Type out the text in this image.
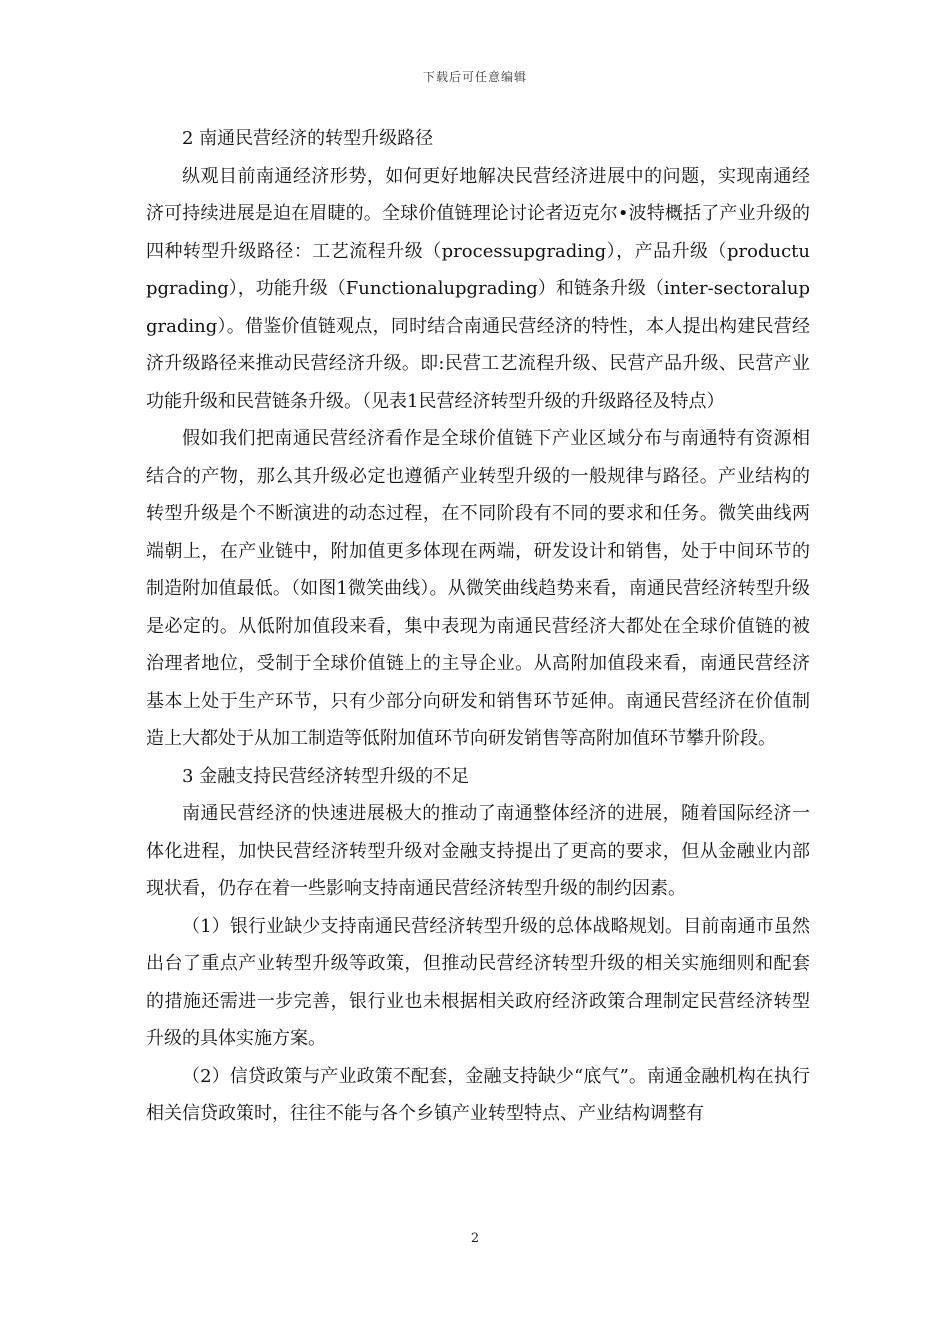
下载后可任意编辑

2 南通民营经济的转型升级路径

纵观目前南通经济形势，如何更好地解决民营经济进展中的问题，实现南通经济可持续进展是迫在眉睫的。全球价值链理论讨论者迈克尔•波特概括了产业升级的四种转型升级路径：工艺流程升级（processupgrading），产品升级（productupgrading），功能升级（Functionalupgrading）和链条升级（inter-sectoralupgrading）。借鉴价值链观点，同时结合南通民营经济的特性，本人提出构建民营经济升级路径来推动民营经济升级。即:民营工艺流程升级、民营产品升级、民营产业功能升级和民营链条升级。（见表1民营经济转型升级的升级路径及特点）

假如我们把南通民营经济看作是全球价值链下产业区域分布与南通特有资源相结合的产物，那么其升级必定也遵循产业转型升级的一般规律与路径。产业结构的转型升级是个不断演进的动态过程，在不同阶段有不同的要求和任务。微笑曲线两端朝上，在产业链中，附加值更多体现在两端，研发设计和销售，处于中间环节的制造附加值最低。（如图1微笑曲线）。从微笑曲线趋势来看，南通民营经济转型升级是必定的。从低附加值段来看，集中表现为南通民营经济大都处在全球价值链的被治理者地位，受制于全球价值链上的主导企业。从高附加值段来看，南通民营经济基本上处于生产环节，只有少部分向研发和销售环节延伸。南通民营经济在价值制造上大都处于从加工制造等低附加值环节向研发销售等高附加值环节攀升阶段。

3 金融支持民营经济转型升级的不足

南通民营经济的快速进展极大的推动了南通整体经济的进展，随着国际经济一体化进程，加快民营经济转型升级对金融支持提出了更高的要求，但从金融业内部现状看，仍存在着一些影响支持南通民营经济转型升级的制约因素。

（1）银行业缺少支持南通民营经济转型升级的总体战略规划。目前南通市虽然出台了重点产业转型升级等政策，但推动民营经济转型升级的相关实施细则和配套的措施还需进一步完善，银行业也未根据相关政府经济政策合理制定民营经济转型升级的具体实施方案。

（2）信贷政策与产业政策不配套，金融支持缺少“底气”。南通金融机构在执行相关信贷政策时，往往不能与各个乡镇产业转型特点、产业结构调整有

2
